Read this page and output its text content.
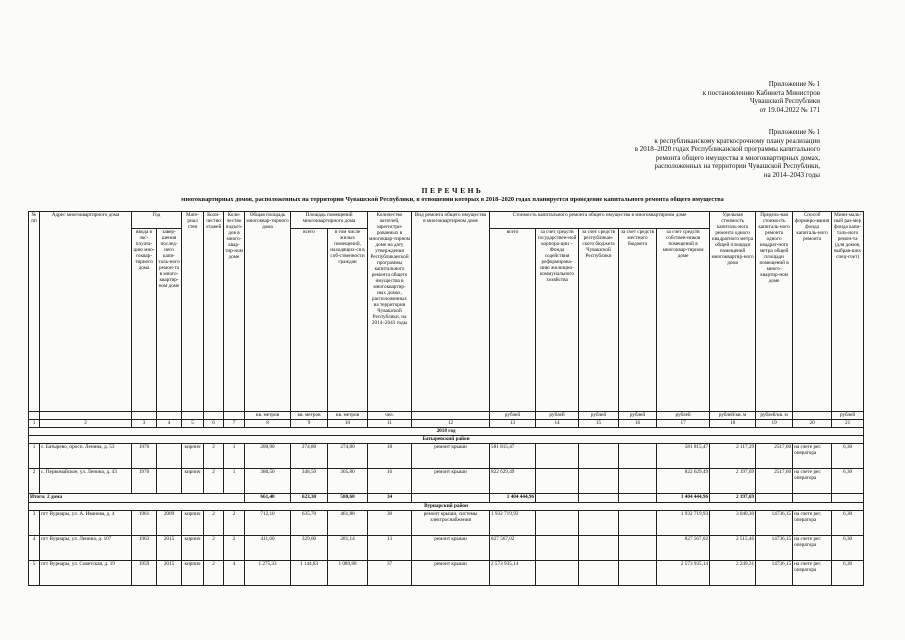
Приложение № 1
к постановлению Кабинета Министров
Чувашской Республики
от 19.04.2022 № 171
Приложение № 1
к республиканскому краткосрочному плану реализации
в 2018–2020 годах Республиканской программы капитального
ремонта общего имущества в многоквартирных домах,
расположенных на территории Чувашской Республики,
на 2014–2043 годы
ПЕРЕЧЕНЬ
многоквартирных домов, расположенных на территории Чувашской Республики, в отношении которых в 2018–2020 годах планируется проведение капитального ремонта общего имущества
№ пп	Адрес многоквартирного дома	Год		Мате-риал стен	Коли-чество этажей	Коли-чество подъез-дов в много-квар-тир-ном доме	Общая площадь многоквар-тирного дома	Площадь помещений многоквартирного дома		Количество жителей, зарегистри-рованных в многоквар-тирном доме на дату утверждения Республиканской программы капитального ремонта общего имущества в многоквартир-ных домах, расположенных на территории Чувашской Республики, на 2014–2043 годы	Вид ремонта общего имущества в многоквартирном доме	Стоимость капитального ремонта общего имущества в многоквартирном доме					Удельная стоимость капиталь-ного ремонта одного квадратного метра общей площади помещений многоквартир-ного дома	Предель-ная стоимость капиталь-ного ремонта одного квадрат-ного метра общей площади помещений в много-квартир-ном доме	Способ формиро-вания фонда капиталь-ного ремонта	Мини-маль-ный раз-мер фонда капи-таль-ного ремон-та (для домов, выбрав-ших спец-счет)
		ввода в экс-плуата-цию мно-гоквар-тирного дома	завер-шения послед-него капи-таль-ного ремон-та в много-квартир-ном доме					всего	в том числе жилых помещений, находящих-ся в соб-ственности граждан			всего	за счет средств государствен-ной корпора-ции – Фонда содействия реформирова-нию жилищно-коммунального хозяйства	за счет средств республикан-ского бюджета Чувашской Республики	за счет средств местного бюджета	за счет средств собствен-ников помещений в многоквар-тирном доме				
							кв. метров	кв. метров	кв. метров	чел.		рублей	рублей	рублей	рублей	рублей	рублей/кв. м	рублей/кв. м		рублей
1	2	3	4	5	6	7	8	9	10	11	12	13	14	15	16	17	18	19	20	21
2018 год																				
Батыревский район																				
1	с. Батырево, просп. Ленина, д. 53	1970		кирпич	2	1	280,90	274,80	274,80	18	ремонт крыши	581 815,47				581 815,47	2 117,29	2517,60	на счете рег. оператора	6,30
2	с. Первомайское, ул. Ленина, д. 43	1970		кирпич	2	1	380,50	348,50	305,80	16	ремонт крыши	822 629,49				822 629,49	2 197,69	2517,60	на счете рег. оператора	6,30
Итого: 2 дома							661,40	623,30	580,60	34		1 404 444,96				1 404 444,96	2 197,69			
Вурнарский район																				
3	пгт Вурнары, ул. А. Иванова, д. 4	1961	2009	кирпич	2	2	712,10	635,70	461,88	30	ремонт крыши, системы электроснабжения	1 932 719,93				1 932 719,93	3 040,30	14736,15	на счете рег. оператора	6,30
4	пгт Вурнары, ул. Ленина, д. 107	1963	2015	кирпич	2	2	411,60	329,00	281,14	13	ремонт крыши	827 567,02				827 567,02	2 515,46	14736,15	на счете рег. оператора	6,30
5	пгт Вурнары, ул. Советская, д. 19	1959	2015	кирпич	2	4	1 275,33	1 144,83	1 089,88	37	ремонт крыши	2 573 935,14				2 573 935,14	2 249,31	14736,15	на счете рег. оператора	6,30
